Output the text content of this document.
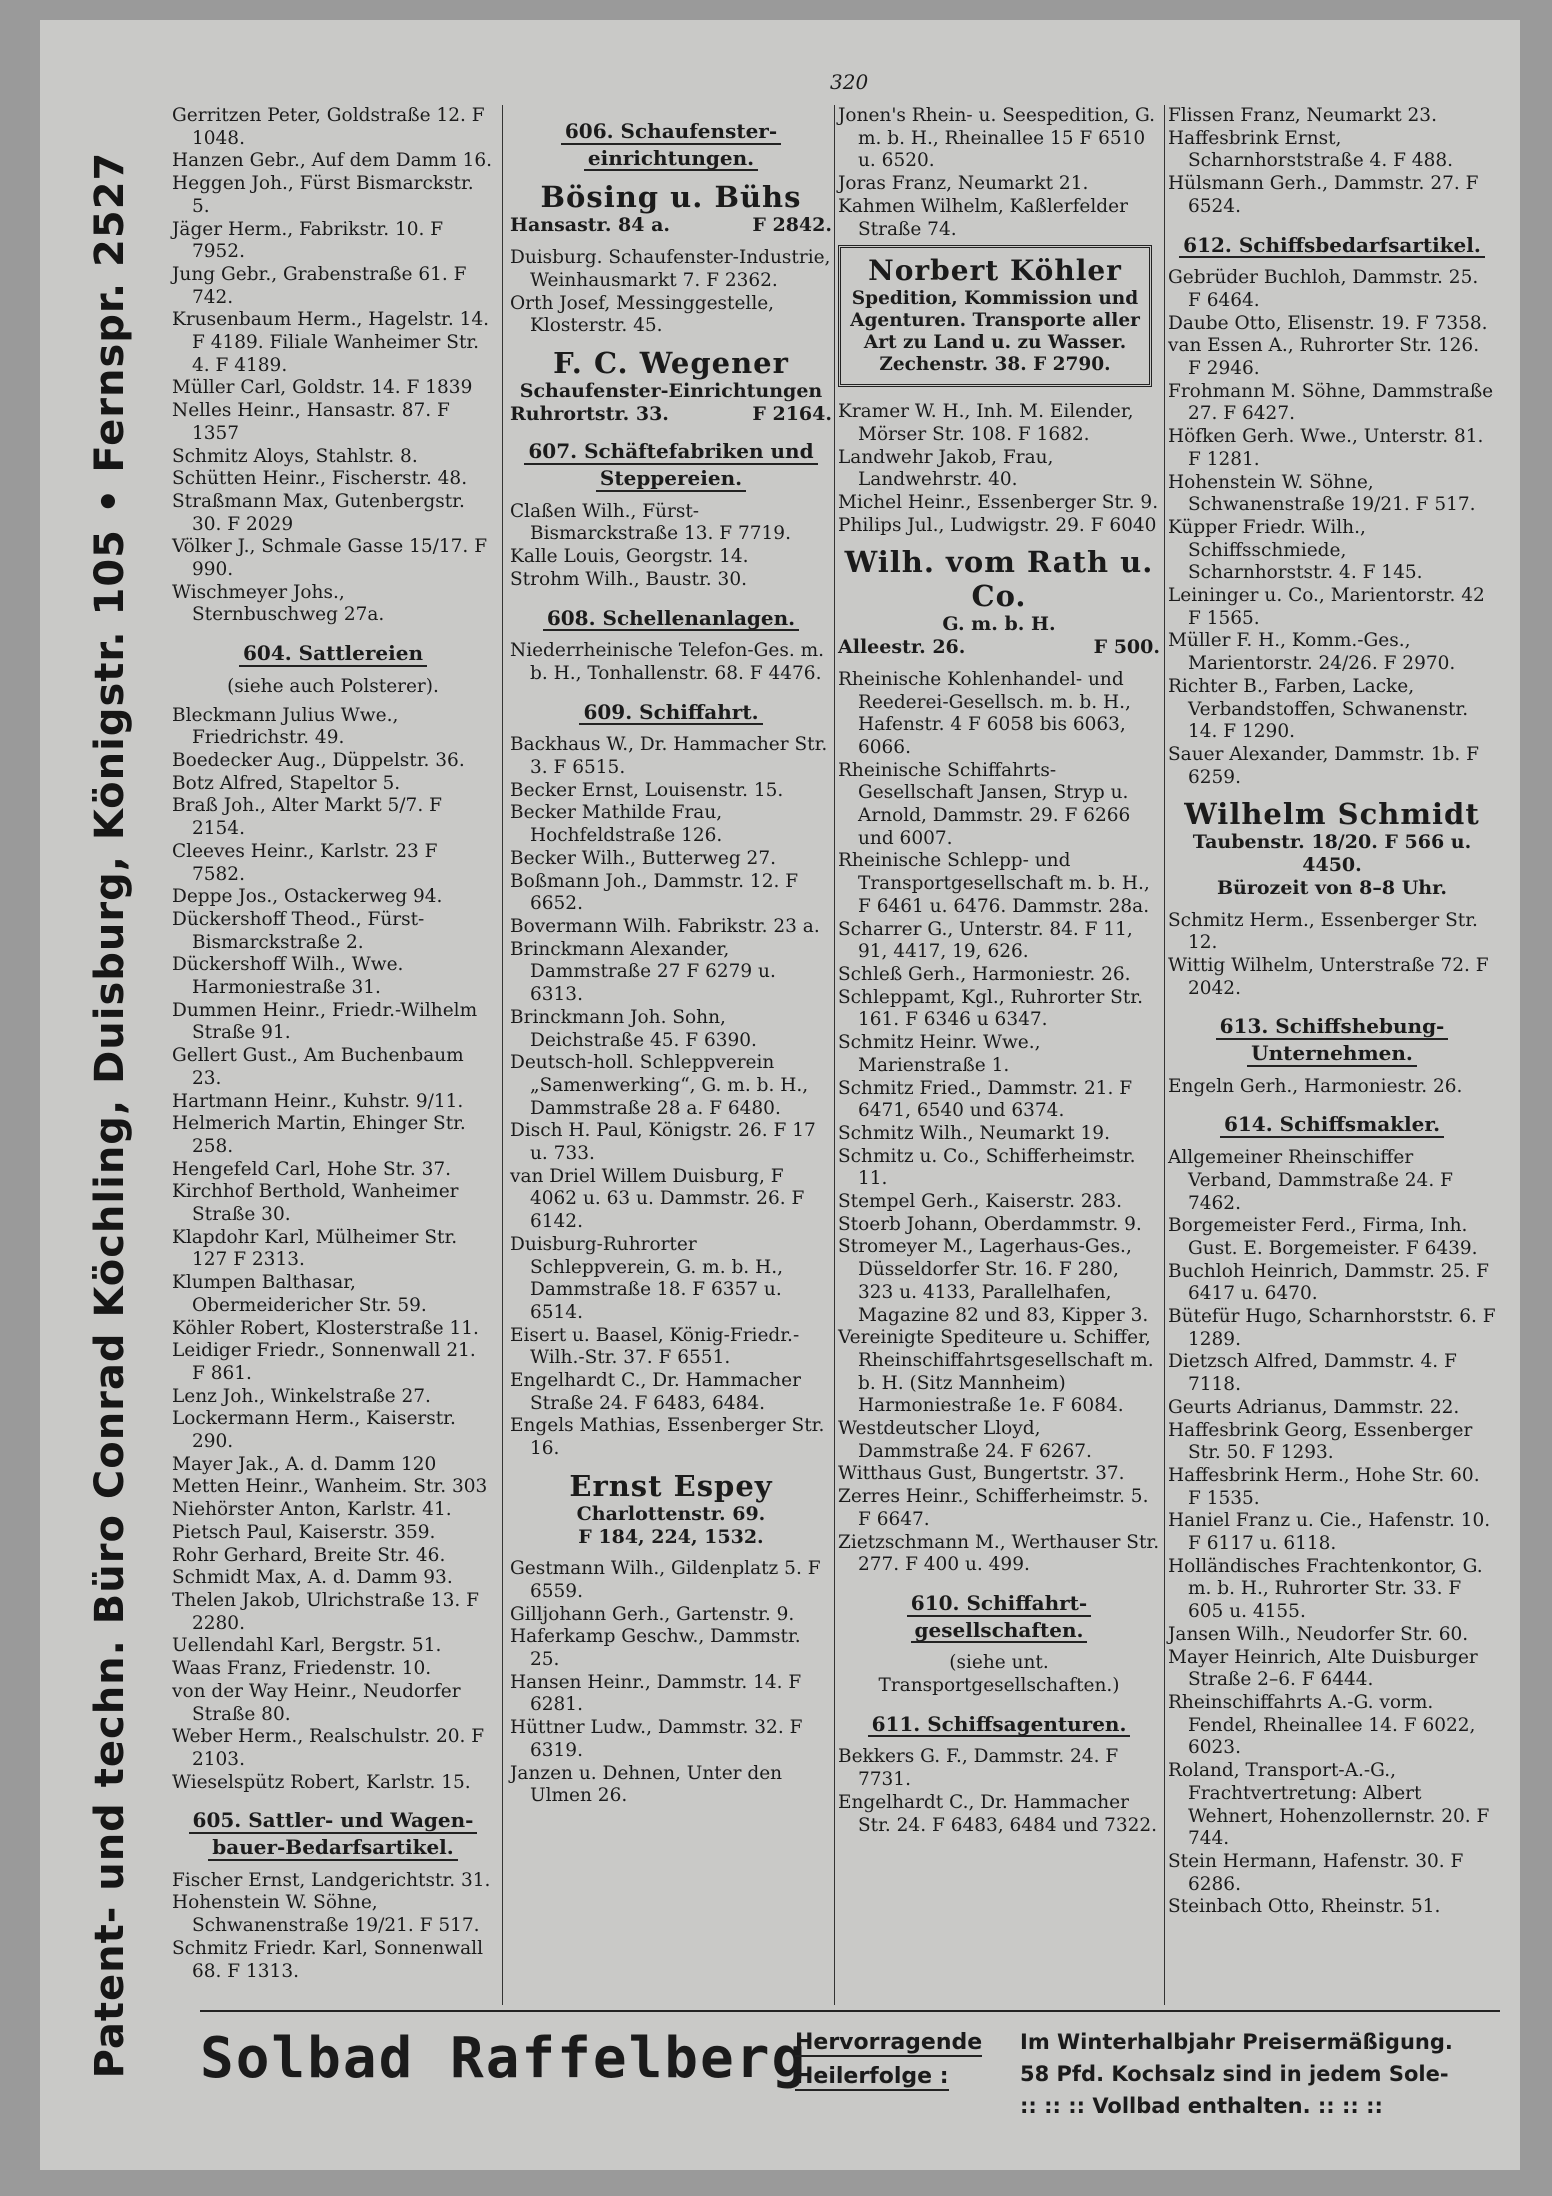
Patent- und techn. Büro Conrad Köchling, Duisburg, Königstr. 105 • Fernspr. 2527
320

Gerritzen Peter, Goldstraße 12. F 1048.

Hanzen Gebr., Auf dem Damm 16.

Heggen Joh., Fürst Bismarckstr. 5.

Jäger Herm., Fabrikstr. 10. F 7952.

Jung Gebr., Grabenstraße 61. F 742.

Krusenbaum Herm., Hagelstr. 14. F 4189. Filiale Wanheimer Str. 4. F 4189.

Müller Carl, Goldstr. 14. F 1839

Nelles Heinr., Hansastr. 87. F 1357

Schmitz Aloys, Stahlstr. 8.

Schütten Heinr., Fischerstr. 48.

Straßmann Max, Gutenbergstr. 30. F 2029

Völker J., Schmale Gasse 15/17. F 990.

Wischmeyer Johs., Sternbuschweg 27a.

604. Sattlereien

(siehe auch Polsterer).

Bleckmann Julius Wwe., Friedrichstr. 49.

Boedecker Aug., Düppelstr. 36.

Botz Alfred, Stapeltor 5.

Braß Joh., Alter Markt 5/7. F 2154.

Cleeves Heinr., Karlstr. 23 F 7582.

Deppe Jos., Ostackerweg 94.

Dückershoff Theod., Fürst-Bismarckstraße 2.

Dückershoff Wilh., Wwe. Harmoniestraße 31.

Dummen Heinr., Friedr.-Wilhelm Straße 91.

Gellert Gust., Am Buchenbaum 23.

Hartmann Heinr., Kuhstr. 9/11.

Helmerich Martin, Ehinger Str. 258.

Hengefeld Carl, Hohe Str. 37.

Kirchhof Berthold, Wanheimer Straße 30.

Klapdohr Karl, Mülheimer Str. 127 F 2313.

Klumpen Balthasar, Obermeidericher Str. 59.

Köhler Robert, Klosterstraße 11.

Leidiger Friedr., Sonnenwall 21. F 861.

Lenz Joh., Winkelstraße 27.

Lockermann Herm., Kaiserstr. 290.

Mayer Jak., A. d. Damm 120

Metten Heinr., Wanheim. Str. 303

Niehörster Anton, Karlstr. 41.

Pietsch Paul, Kaiserstr. 359.

Rohr Gerhard, Breite Str. 46.

Schmidt Max, A. d. Damm 93.

Thelen Jakob, Ulrichstraße 13. F 2280.

Uellendahl Karl, Bergstr. 51.

Waas Franz, Friedenstr. 10.

von der Way Heinr., Neudorfer Straße 80.

Weber Herm., Realschulstr. 20. F 2103.

Wieselspütz Robert, Karlstr. 15.

605. Sattler- und Wagen-
bauer-Bedarfsartikel.

Fischer Ernst, Landgerichtstr. 31.

Hohenstein W. Söhne, Schwanenstraße 19/21. F 517.

Schmitz Friedr. Karl, Sonnenwall 68. F 1313.

606. Schaufenster-
einrichtungen.
Bösing u. Bühs
Hansastr. 84 a.	F 2842.

Duisburg. Schaufenster-Industrie, Weinhausmarkt 7. F 2362.

Orth Josef, Messinggestelle, Klosterstr. 45.

F. C. Wegener
Schaufenster-Einrichtungen
Ruhrortstr. 33.	F 2164.
607. Schäftefabriken und
Steppereien.

Claßen Wilh., Fürst-Bismarckstraße 13. F 7719.

Kalle Louis, Georgstr. 14.

Strohm Wilh., Baustr. 30.

608. Schellenanlagen.

Niederrheinische Telefon-Ges. m. b. H., Tonhallenstr. 68. F 4476.

609. Schiffahrt.

Backhaus W., Dr. Hammacher Str. 3. F 6515.

Becker Ernst, Louisenstr. 15.

Becker Mathilde Frau, Hochfeldstraße 126.

Becker Wilh., Butterweg 27.

Boßmann Joh., Dammstr. 12. F 6652.

Bovermann Wilh. Fabrikstr. 23 a.

Brinckmann Alexander, Dammstraße 27 F 6279 u. 6313.

Brinckmann Joh. Sohn, Deichstraße 45. F 6390.

Deutsch-holl. Schleppverein „Samenwerking“, G. m. b. H., Dammstraße 28 a. F 6480.

Disch H. Paul, Königstr. 26. F 17 u. 733.

van Driel Willem Duisburg, F 4062 u. 63 u. Dammstr. 26. F 6142.

Duisburg-Ruhrorter Schleppverein, G. m. b. H., Dammstraße 18. F 6357 u. 6514.

Eisert u. Baasel, König-Friedr.-Wilh.-Str. 37. F 6551.

Engelhardt C., Dr. Hammacher Straße 24. F 6483, 6484.

Engels Mathias, Essenberger Str. 16.

Ernst Espey
Charlottenstr. 69.
F 184, 224, 1532.

Gestmann Wilh., Gildenplatz 5. F 6559.

Gilljohann Gerh., Gartenstr. 9.

Haferkamp Geschw., Dammstr. 25.

Hansen Heinr., Dammstr. 14. F 6281.

Hüttner Ludw., Dammstr. 32. F 6319.

Janzen u. Dehnen, Unter den Ulmen 26.

Jonen's Rhein- u. Seespedition, G. m. b. H., Rheinallee 15 F 6510 u. 6520.

Joras Franz, Neumarkt 21.

Kahmen Wilhelm, Kaßlerfelder Straße 74.

Norbert Köhler
Spedition, Kommission und
Agenturen. Transporte aller
Art zu Land u. zu Wasser.
Zechenstr. 38. F 2790.

Kramer W. H., Inh. M. Eilender, Mörser Str. 108. F 1682.

Landwehr Jakob, Frau, Landwehrstr. 40.

Michel Heinr., Essenberger Str. 9.

Philips Jul., Ludwigstr. 29. F 6040

Wilh. vom Rath u. Co.
G. m. b. H.
Alleestr. 26.	F 500.

Rheinische Kohlenhandel- und Reederei-Gesellsch. m. b. H., Hafenstr. 4 F 6058 bis 6063, 6066.

Rheinische Schiffahrts-Gesellschaft Jansen, Stryp u. Arnold, Dammstr. 29. F 6266 und 6007.

Rheinische Schlepp- und Transportgesellschaft m. b. H., F 6461 u. 6476. Dammstr. 28a.

Scharrer G., Unterstr. 84. F 11, 91, 4417, 19, 626.

Schleß Gerh., Harmoniestr. 26.

Schleppamt, Kgl., Ruhrorter Str. 161. F 6346 u 6347.

Schmitz Heinr. Wwe., Marienstraße 1.

Schmitz Fried., Dammstr. 21. F 6471, 6540 und 6374.

Schmitz Wilh., Neumarkt 19.

Schmitz u. Co., Schifferheimstr. 11.

Stempel Gerh., Kaiserstr. 283.

Stoerb Johann, Oberdammstr. 9.

Stromeyer M., Lagerhaus-Ges., Düsseldorfer Str. 16. F 280, 323 u. 4133, Parallelhafen, Magazine 82 und 83, Kipper 3.

Vereinigte Spediteure u. Schiffer, Rheinschiffahrtsgesellschaft m. b. H. (Sitz Mannheim) Harmoniestraße 1e. F 6084.

Westdeutscher Lloyd, Dammstraße 24. F 6267.

Witthaus Gust, Bungertstr. 37.

Zerres Heinr., Schifferheimstr. 5. F 6647.

Zietzschmann M., Werthauser Str. 277. F 400 u. 499.

610. Schiffahrt-
gesellschaften.

(siehe unt. Transportgesellschaften.)

611. Schiffsagenturen.

Bekkers G. F., Dammstr. 24. F 7731.

Engelhardt C., Dr. Hammacher Str. 24. F 6483, 6484 und 7322.

Flissen Franz, Neumarkt 23.

Haffesbrink Ernst, Scharnhorststraße 4. F 488.

Hülsmann Gerh., Dammstr. 27. F 6524.

612. Schiffsbedarfsartikel.

Gebrüder Buchloh, Dammstr. 25. F 6464.

Daube Otto, Elisenstr. 19. F 7358.

van Essen A., Ruhrorter Str. 126. F 2946.

Frohmann M. Söhne, Dammstraße 27. F 6427.

Höfken Gerh. Wwe., Unterstr. 81. F 1281.

Hohenstein W. Söhne, Schwanenstraße 19/21. F 517.

Küpper Friedr. Wilh., Schiffsschmiede, Scharnhorststr. 4. F 145.

Leininger u. Co., Marientorstr. 42 F 1565.

Müller F. H., Komm.-Ges., Marientorstr. 24/26. F 2970.

Richter B., Farben, Lacke, Verbandstoffen, Schwanenstr. 14. F 1290.

Sauer Alexander, Dammstr. 1b. F 6259.

Wilhelm Schmidt
Taubenstr. 18/20. F 566 u. 4450.
Bürozeit von 8–8 Uhr.

Schmitz Herm., Essenberger Str. 12.

Wittig Wilhelm, Unterstraße 72. F 2042.

613. Schiffshebung-
Unternehmen.

Engeln Gerh., Harmoniestr. 26.

614. Schiffsmakler.

Allgemeiner Rheinschiffer Verband, Dammstraße 24. F 7462.

Borgemeister Ferd., Firma, Inh. Gust. E. Borgemeister. F 6439.

Buchloh Heinrich, Dammstr. 25. F 6417 u. 6470.

Bütefür Hugo, Scharnhorststr. 6. F 1289.

Dietzsch Alfred, Dammstr. 4. F 7118.

Geurts Adrianus, Dammstr. 22.

Haffesbrink Georg, Essenberger Str. 50. F 1293.

Haffesbrink Herm., Hohe Str. 60. F 1535.

Haniel Franz u. Cie., Hafenstr. 10. F 6117 u. 6118.

Holländisches Frachtenkontor, G. m. b. H., Ruhrorter Str. 33. F 605 u. 4155.

Jansen Wilh., Neudorfer Str. 60.

Mayer Heinrich, Alte Duisburger Straße 2–6. F 6444.

Rheinschiffahrts A.-G. vorm. Fendel, Rheinallee 14. F 6022, 6023.

Roland, Transport-A.-G., Frachtvertretung: Albert Wehnert, Hohenzollernstr. 20. F 744.

Stein Hermann, Hafenstr. 30. F 6286.

Steinbach Otto, Rheinstr. 51.

Solbad Raffelberg
Hervorragende
Heilerfolge :
Im Winterhalbjahr Preisermäßigung.
58 Pfd. Kochsalz sind in jedem Sole-
:: :: :: Vollbad enthalten. :: :: ::
